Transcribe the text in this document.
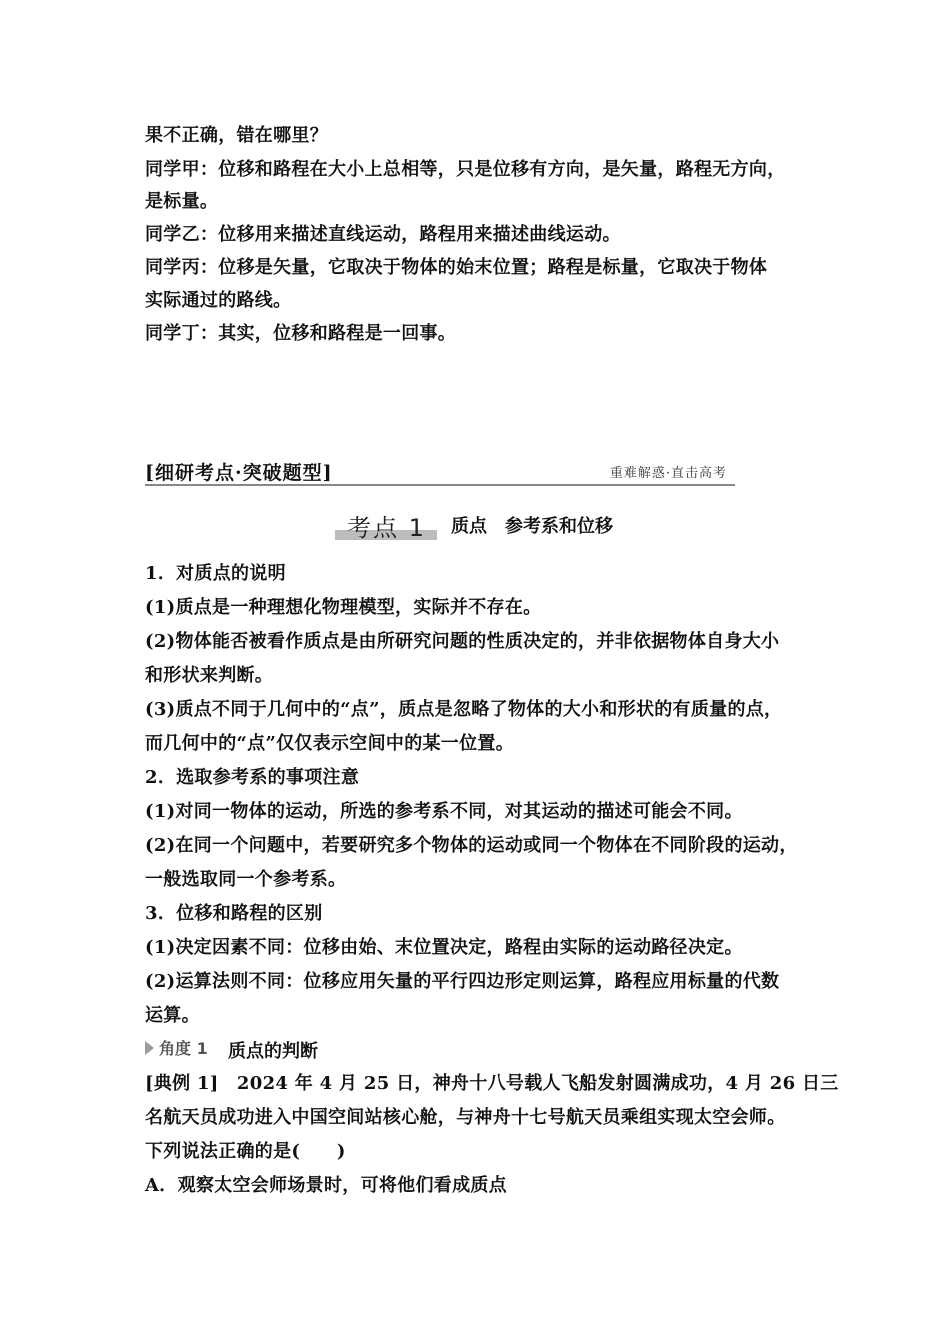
果不正确，错在哪里？
同学甲：位移和路程在大小上总相等，只是位移有方向，是矢量，路程无方向，
是标量。
同学乙：位移用来描述直线运动，路程用来描述曲线运动。
同学丙：位移是矢量，它取决于物体的始末位置；路程是标量，它取决于物体
实际通过的路线。
同学丁：其实，位移和路程是一回事。
[细研考点·突破题型]	重难解惑·直击高考
考点 1 质点　参考系和位移
1．对质点的说明
(1)质点是一种理想化物理模型，实际并不存在。
(2)物体能否被看作质点是由所研究问题的性质决定的，并非依据物体自身大小
和形状来判断。
(3)质点不同于几何中的“点”，质点是忽略了物体的大小和形状的有质量的点，
而几何中的“点”仅仅表示空间中的某一位置。
2．选取参考系的事项注意
(1)对同一物体的运动，所选的参考系不同，对其运动的描述可能会不同。
(2)在同一个问题中，若要研究多个物体的运动或同一个物体在不同阶段的运动，
一般选取同一个参考系。
3．位移和路程的区别
(1)决定因素不同：位移由始、末位置决定，路程由实际的运动路径决定。
(2)运算法则不同：位移应用矢量的平行四边形定则运算，路程应用标量的代数
运算。
角度 1 质点的判断
[典例 1]　2024 年 4 月 25 日，神舟十八号载人飞船发射圆满成功，4 月 26 日三
名航天员成功进入中国空间站核心舱，与神舟十七号航天员乘组实现太空会师。
下列说法正确的是(　　)
A．观察太空会师场景时，可将他们看成质点
